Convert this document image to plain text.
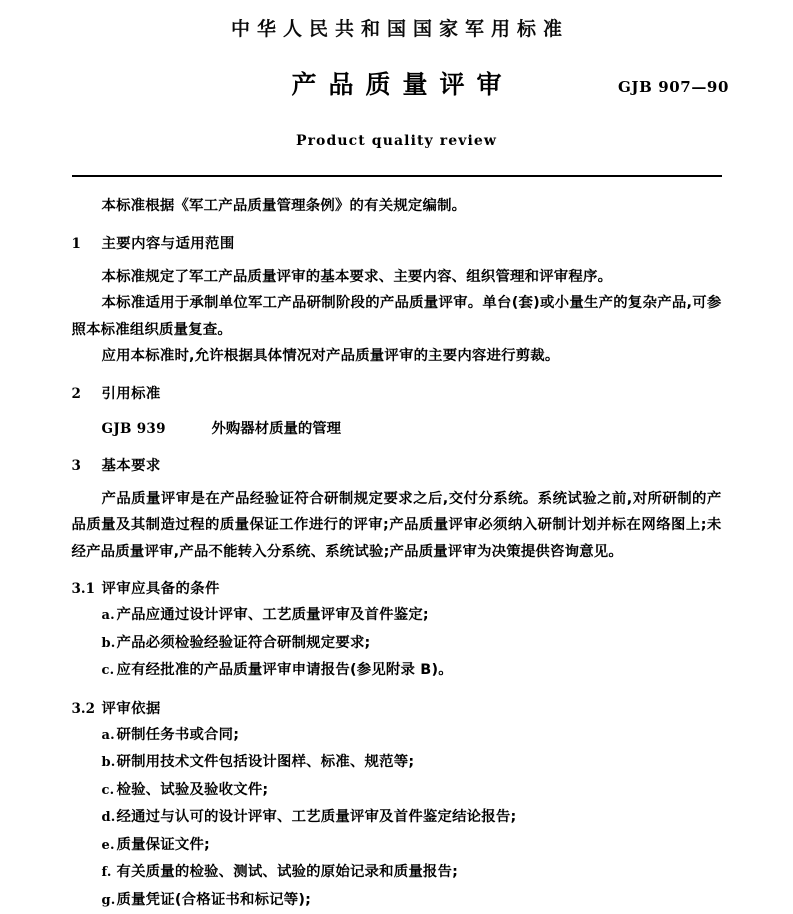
中华人民共和国国家军用标准
产品质量评审	GJB 907—90
Product quality review

本标准根据《军工产品质量管理条例》的有关规定编制。

1	主要内容与适用范围

本标准规定了军工产品质量评审的基本要求、主要内容、组织管理和评审程序。

本标准适用于承制单位军工产品研制阶段的产品质量评审。单台(套)或小量生产的复杂产品,可参照本标准组织质量复查。

应用本标准时,允许根据具体情况对产品质量评审的主要内容进行剪裁。

2	引用标准
GJB 939	外购器材质量的管理
3	基本要求

产品质量评审是在产品经验证符合研制规定要求之后,交付分系统。系统试验之前,对所研制的产品质量及其制造过程的质量保证工作进行的评审;产品质量评审必须纳入研制计划并标在网络图上;未经产品质量评审,产品不能转入分系统、系统试验;产品质量评审为决策提供咨询意见。

3.1 评审应具备的条件
a. 产品应通过设计评审、工艺质量评审及首件鉴定;
b. 产品必须检验经验证符合研制规定要求;
c. 应有经批准的产品质量评审申请报告(参见附录 B)。
3.2 评审依据
a. 研制任务书或合同;
b. 研制用技术文件包括设计图样、标准、规范等;
c. 检验、试验及验收文件;
d. 经通过与认可的设计评审、工艺质量评审及首件鉴定结论报告;
e. 质量保证文件;
f. 有关质量的检验、测试、试验的原始记录和质量报告;
g. 质量凭证(合格证书和标记等);
